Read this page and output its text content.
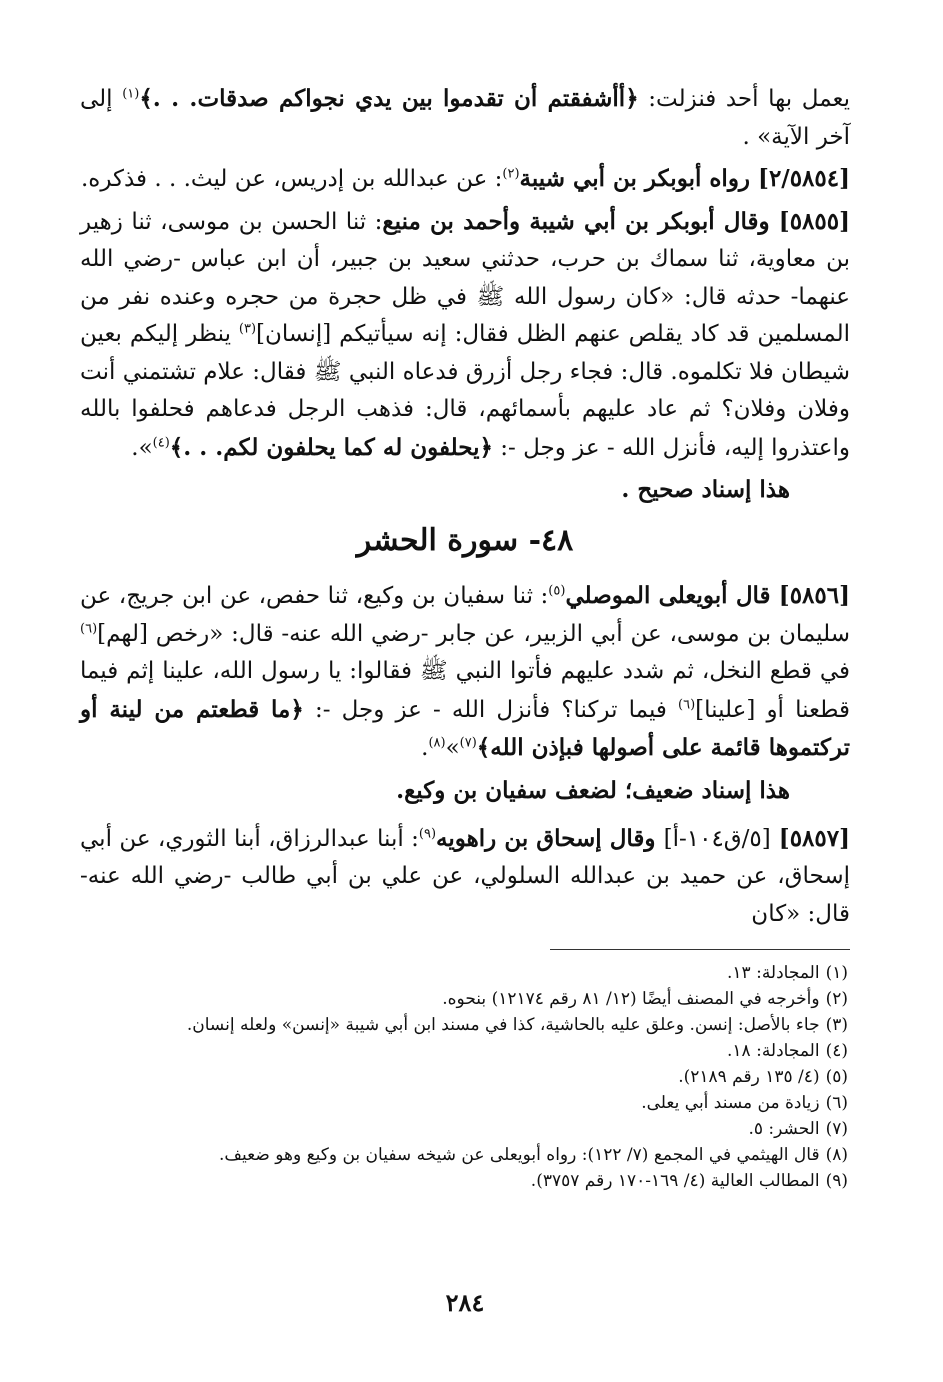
يعمل بها أحد فنزلت: ﴿أأشفقتم أن تقدموا بين يدي نجواكم صدقات. . .﴾$^{(١)}$ إلى آخر الآية» .

[٢/٥٨٥٤] رواه أبوبكر بن أبي شيبة$^{(٢)}$: عن عبدالله بن إدريس، عن ليث. . . فذكره.

[٥٨٥٥] وقال أبوبكر بن أبي شيبة وأحمد بن منيع: ثنا الحسن بن موسى، ثنا زهير بن معاوية، ثنا سماك بن حرب، حدثني سعيد بن جبير، أن ابن عباس -رضي الله عنهما- حدثه قال: «كان رسول الله ﷺ في ظل حجرة من حجره وعنده نفر من المسلمين قد كاد يقلص عنهم الظل فقال: إنه سيأتيكم [إنسان]$^{(٣)}$ ينظر إليكم بعين شيطان فلا تكلموه. قال: فجاء رجل أزرق فدعاه النبي ﷺ فقال: علام تشتمني أنت وفلان وفلان؟ ثم عاد عليهم بأسمائهم، قال: فذهب الرجل فدعاهم فحلفوا بالله واعتذروا إليه، فأنزل الله - عز وجل -: ﴿يحلفون له كما يحلفون لكم. . .﴾$^{(٤)}$».

هذا إسناد صحيح .
٤٨- سورة الحشر

[٥٨٥٦] قال أبويعلى الموصلي$^{(٥)}$: ثنا سفيان بن وكيع، ثنا حفص، عن ابن جريج، عن سليمان بن موسى، عن أبي الزبير، عن جابر -رضي الله عنه- قال: «رخص [لهم]$^{(٦)}$ في قطع النخل، ثم شدد عليهم فأتوا النبي ﷺ فقالوا: يا رسول الله، علينا إثم فيما قطعنا أو [علينا]$^{(٦)}$ فيما تركنا؟ فأنزل الله - عز وجل -: ﴿ما قطعتم من لينة أو تركتموها قائمة على أصولها فبإذن الله﴾$^{(٧)}$»$^{(٨)}$.

هذا إسناد ضعيف؛ لضعف سفيان بن وكيع.

[٥٨٥٧] [٥/ق١٠٤-أ] وقال إسحاق بن راهويه$^{(٩)}$: أبنا عبدالرزاق، أبنا الثوري، عن أبي إسحاق، عن حميد بن عبدالله السلولي، عن علي بن أبي طالب -رضي الله عنه- قال: «كان

(١)المجادلة: ١٣.

(٢)وأخرجه في المصنف أيضًا (١٢/ ٨١ رقم ١٢١٧٤) بنحوه.

(٣)جاء بالأصل: إنسن. وعلق عليه بالحاشية، كذا في مسند ابن أبي شيبة «إنسن» ولعله إنسان.

(٤)المجادلة: ١٨.

(٥)(٤/ ١٣٥ رقم ٢١٨٩).

(٦)زيادة من مسند أبي يعلى.

(٧)الحشر: ٥.

(٨)قال الهيثمي في المجمع (٧/ ١٢٢): رواه أبويعلى عن شيخه سفيان بن وكيع وهو ضعيف.

(٩)المطالب العالية (٤/ ١٦٩-١٧٠ رقم ٣٧٥٧).

٢٨٤
